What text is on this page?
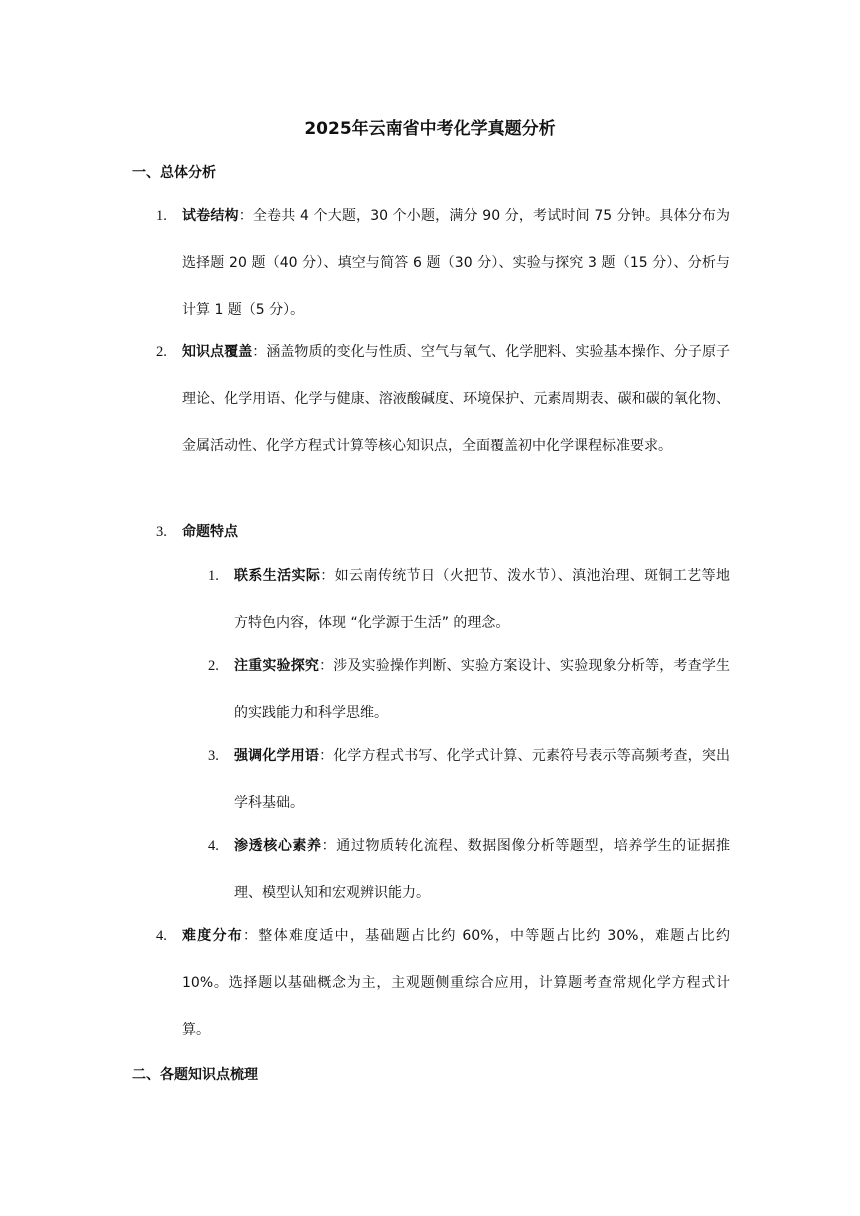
2025年云南省中考化学真题分析
一、总体分析
1. 试卷结构：全卷共 4 个大题，30 个小题，满分 90 分，考试时间 75 分钟。具体分布为选择题 20 题（40 分）、填空与简答 6 题（30 分）、实验与探究 3 题（15 分）、分析与计算 1 题（5 分）。
2. 知识点覆盖：涵盖物质的变化与性质、空气与氧气、化学肥料、实验基本操作、分子原子理论、化学用语、化学与健康、溶液酸碱度、环境保护、元素周期表、碳和碳的氧化物、金属活动性、化学方程式计算等核心知识点，全面覆盖初中化学课程标准要求。
3. 命题特点
1. 联系生活实际：如云南传统节日（火把节、泼水节）、滇池治理、斑铜工艺等地方特色内容，体现 “化学源于生活” 的理念。
2. 注重实验探究：涉及实验操作判断、实验方案设计、实验现象分析等，考查学生的实践能力和科学思维。
3. 强调化学用语：化学方程式书写、化学式计算、元素符号表示等高频考查，突出学科基础。
4. 渗透核心素养：通过物质转化流程、数据图像分析等题型，培养学生的证据推理、模型认知和宏观辨识能力。
4. 难度分布：整体难度适中，基础题占比约 60%，中等题占比约 30%，难题占比约 10%。选择题以基础概念为主，主观题侧重综合应用，计算题考查常规化学方程式计算。
二、各题知识点梳理
